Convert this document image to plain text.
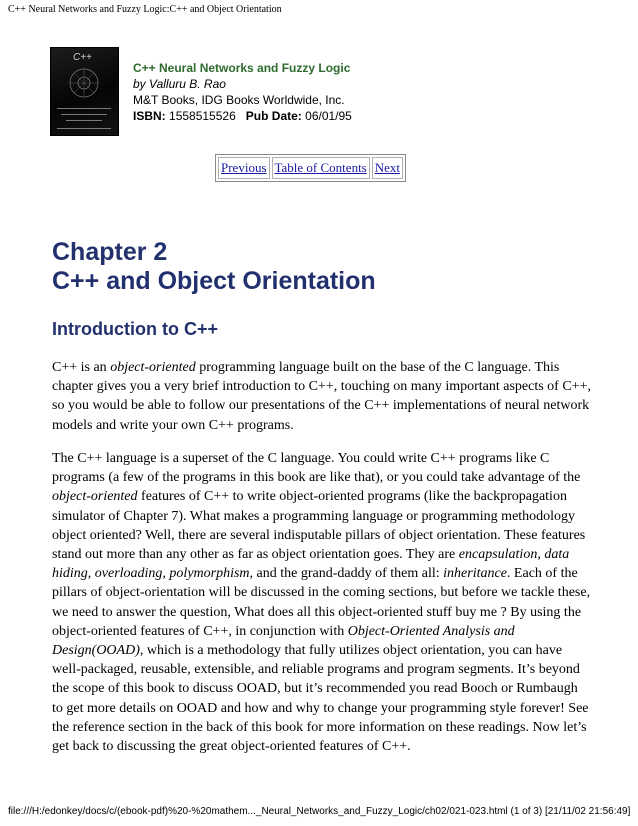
C++ Neural Networks and Fuzzy Logic:C++ and Object Orientation
C++
C++ Neural Networks and Fuzzy Logic
by Valluru B. Rao
M&T Books, IDG Books Worldwide, Inc.
ISBN: 1558515526 Pub Date: 06/01/95
Previous Table of Contents Next
Chapter 2
C++ and Object Orientation
Introduction to C++

C++ is an object-oriented programming language built on the base of the C language. This chapter gives you a very brief introduction to C++, touching on many important aspects of C++, so you would be able to follow our presentations of the C++ implementations of neural network models and write your own C++ programs.

The C++ language is a superset of the C language. You could write C++ programs like C programs (a few of the programs in this book are like that), or you could take advantage of the object-oriented features of C++ to write object-oriented programs (like the backpropagation simulator of Chapter 7). What makes a programming language or programming methodology object oriented? Well, there are several indisputable pillars of object orientation. These features stand out more than any other as far as object orientation goes. They are encapsulation, data hiding, overloading, polymorphism, and the grand-daddy of them all: inheritance. Each of the pillars of object-orientation will be discussed in the coming sections, but before we tackle these, we need to answer the question, What does all this object-oriented stuff buy me ? By using the object-oriented features of C++, in conjunction with Object-Oriented Analysis and Design(OOAD), which is a methodology that fully utilizes object orientation, you can have well-packaged, reusable, extensible, and reliable programs and program segments. It’s beyond the scope of this book to discuss OOAD, but it’s recommended you read Booch or Rumbaugh to get more details on OOAD and how and why to change your programming style forever! See the reference section in the back of this book for more information on these readings. Now let’s get back to discussing the great object-oriented features of C++.

file:///H:/edonkey/docs/c/(ebook-pdf)%20-%20mathem..._Neural_Networks_and_Fuzzy_Logic/ch02/021-023.html (1 of 3) [21/11/02 21:56:49]
